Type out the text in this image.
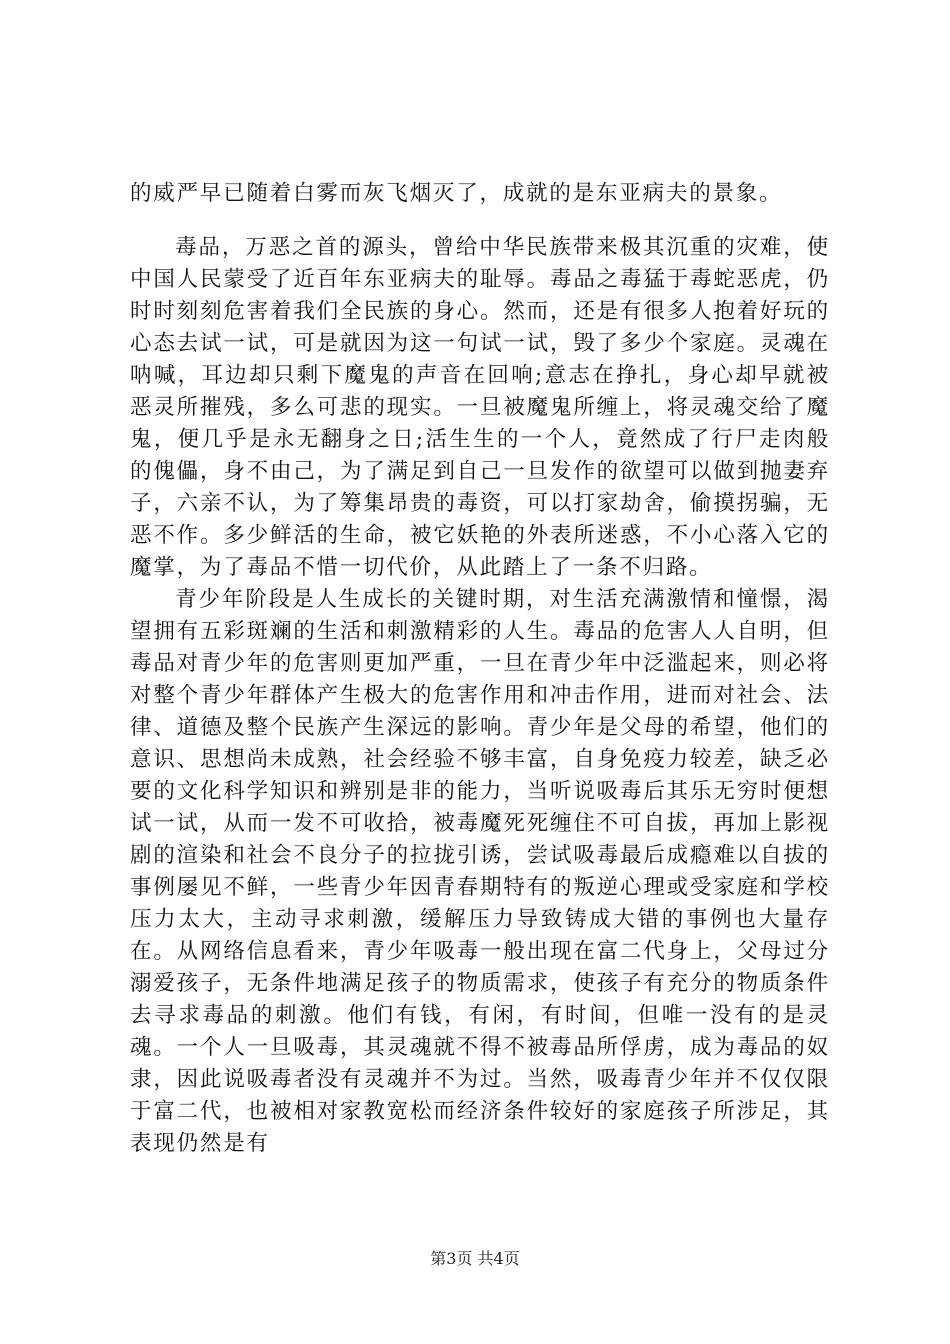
的威严早已随着白雾而灰飞烟灭了，成就的是东亚病夫的景象。

毒品，万恶之首的源头，曾给中华民族带来极其沉重的灾难，使中国人民蒙受了近百年东亚病夫的耻辱。毒品之毒猛于毒蛇恶虎，仍时时刻刻危害着我们全民族的身心。然而，还是有很多人抱着好玩的心态去试一试，可是就因为这一句试一试，毁了多少个家庭。灵魂在呐喊，耳边却只剩下魔鬼的声音在回响;意志在挣扎，身心却早就被恶灵所摧残，多么可悲的现实。一旦被魔鬼所缠上，将灵魂交给了魔鬼，便几乎是永无翻身之日;活生生的一个人，竟然成了行尸走肉般的傀儡，身不由己，为了满足到自己一旦发作的欲望可以做到抛妻弃子，六亲不认，为了筹集昂贵的毒资，可以打家劫舍，偷摸拐骗，无恶不作。多少鲜活的生命，被它妖艳的外表所迷惑，不小心落入它的魔掌，为了毒品不惜一切代价，从此踏上了一条不归路。

青少年阶段是人生成长的关键时期，对生活充满激情和憧憬，渴望拥有五彩斑斓的生活和刺激精彩的人生。毒品的危害人人自明，但毒品对青少年的危害则更加严重，一旦在青少年中泛滥起来，则必将对整个青少年群体产生极大的危害作用和冲击作用，进而对社会、法律、道德及整个民族产生深远的影响。青少年是父母的希望，他们的意识、思想尚未成熟，社会经验不够丰富，自身免疫力较差，缺乏必要的文化科学知识和辨别是非的能力，当听说吸毒后其乐无穷时便想试一试，从而一发不可收拾，被毒魔死死缠住不可自拔，再加上影视剧的渲染和社会不良分子的拉拢引诱，尝试吸毒最后成瘾难以自拔的事例屡见不鲜，一些青少年因青春期特有的叛逆心理或受家庭和学校压力太大，主动寻求刺激，缓解压力导致铸成大错的事例也大量存在。从网络信息看来，青少年吸毒一般出现在富二代身上，父母过分溺爱孩子，无条件地满足孩子的物质需求，使孩子有充分的物质条件去寻求毒品的刺激。他们有钱，有闲，有时间，但唯一没有的是灵魂。一个人一旦吸毒，其灵魂就不得不被毒品所俘虏，成为毒品的奴隶，因此说吸毒者没有灵魂并不为过。当然，吸毒青少年并不仅仅限于富二代，也被相对家教宽松而经济条件较好的家庭孩子所涉足，其表现仍然是有

第3页 共4页
